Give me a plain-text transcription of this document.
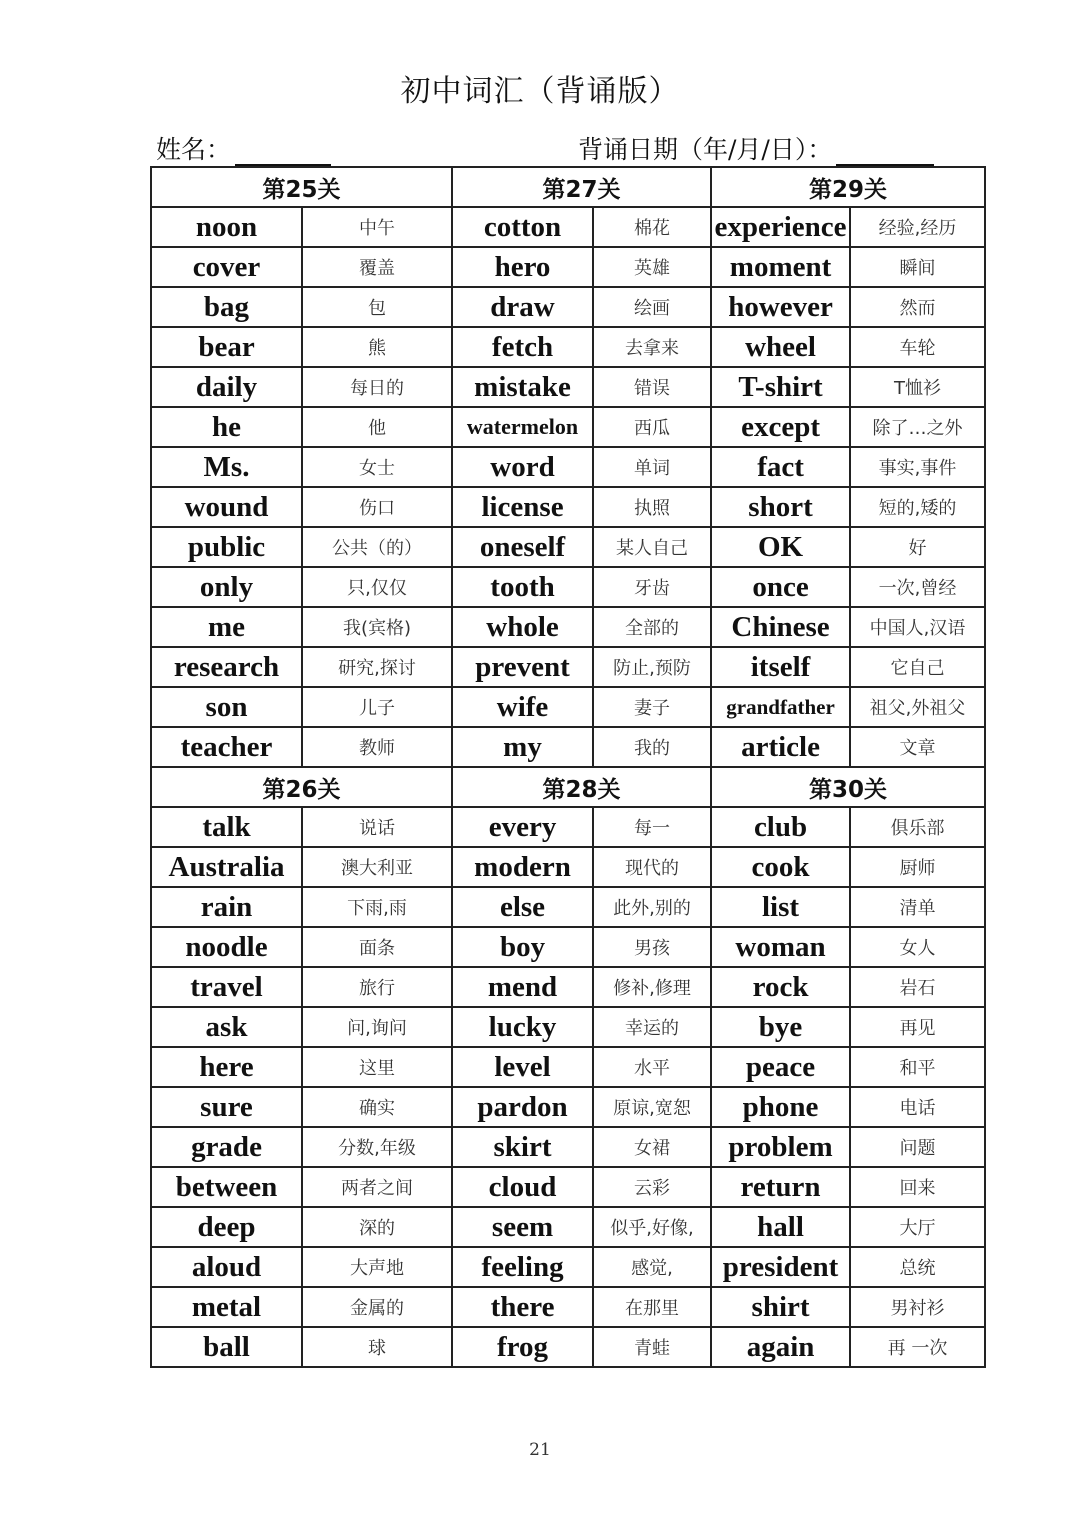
初中词汇（背诵版）
姓名：	背诵日期（年/月/日）：
第25关		第27关		第29关	
noon	中午	cotton	棉花	experience	经验,经历
cover	覆盖	hero	英雄	moment	瞬间
bag	包	draw	绘画	however	然而
bear	熊	fetch	去拿来	wheel	车轮
daily	每日的	mistake	错误	T-shirt	T恤衫
he	他	watermelon	西瓜	except	除了…之外
Ms.	女士	word	单词	fact	事实,事件
wound	伤口	license	执照	short	短的,矮的
public	公共（的）	oneself	某人自己	OK	好
only	只,仅仅	tooth	牙齿	once	一次,曾经
me	我(宾格)	whole	全部的	Chinese	中国人,汉语
research	研究,探讨	prevent	防止,预防	itself	它自己
son	儿子	wife	妻子	grandfather	祖父,外祖父
teacher	教师	my	我的	article	文章
第26关		第28关		第30关	
talk	说话	every	每一	club	俱乐部
Australia	澳大利亚	modern	现代的	cook	厨师
rain	下雨,雨	else	此外,别的	list	清单
noodle	面条	boy	男孩	woman	女人
travel	旅行	mend	修补,修理	rock	岩石
ask	问,询问	lucky	幸运的	bye	再见
here	这里	level	水平	peace	和平
sure	确实	pardon	原谅,宽恕	phone	电话
grade	分数,年级	skirt	女裙	problem	问题
between	两者之间	cloud	云彩	return	回来
deep	深的	seem	似乎,好像,	hall	大厅
aloud	大声地	feeling	感觉,	president	总统
metal	金属的	there	在那里	shirt	男衬衫
ball	球	frog	青蛙	again	再 一次
21
